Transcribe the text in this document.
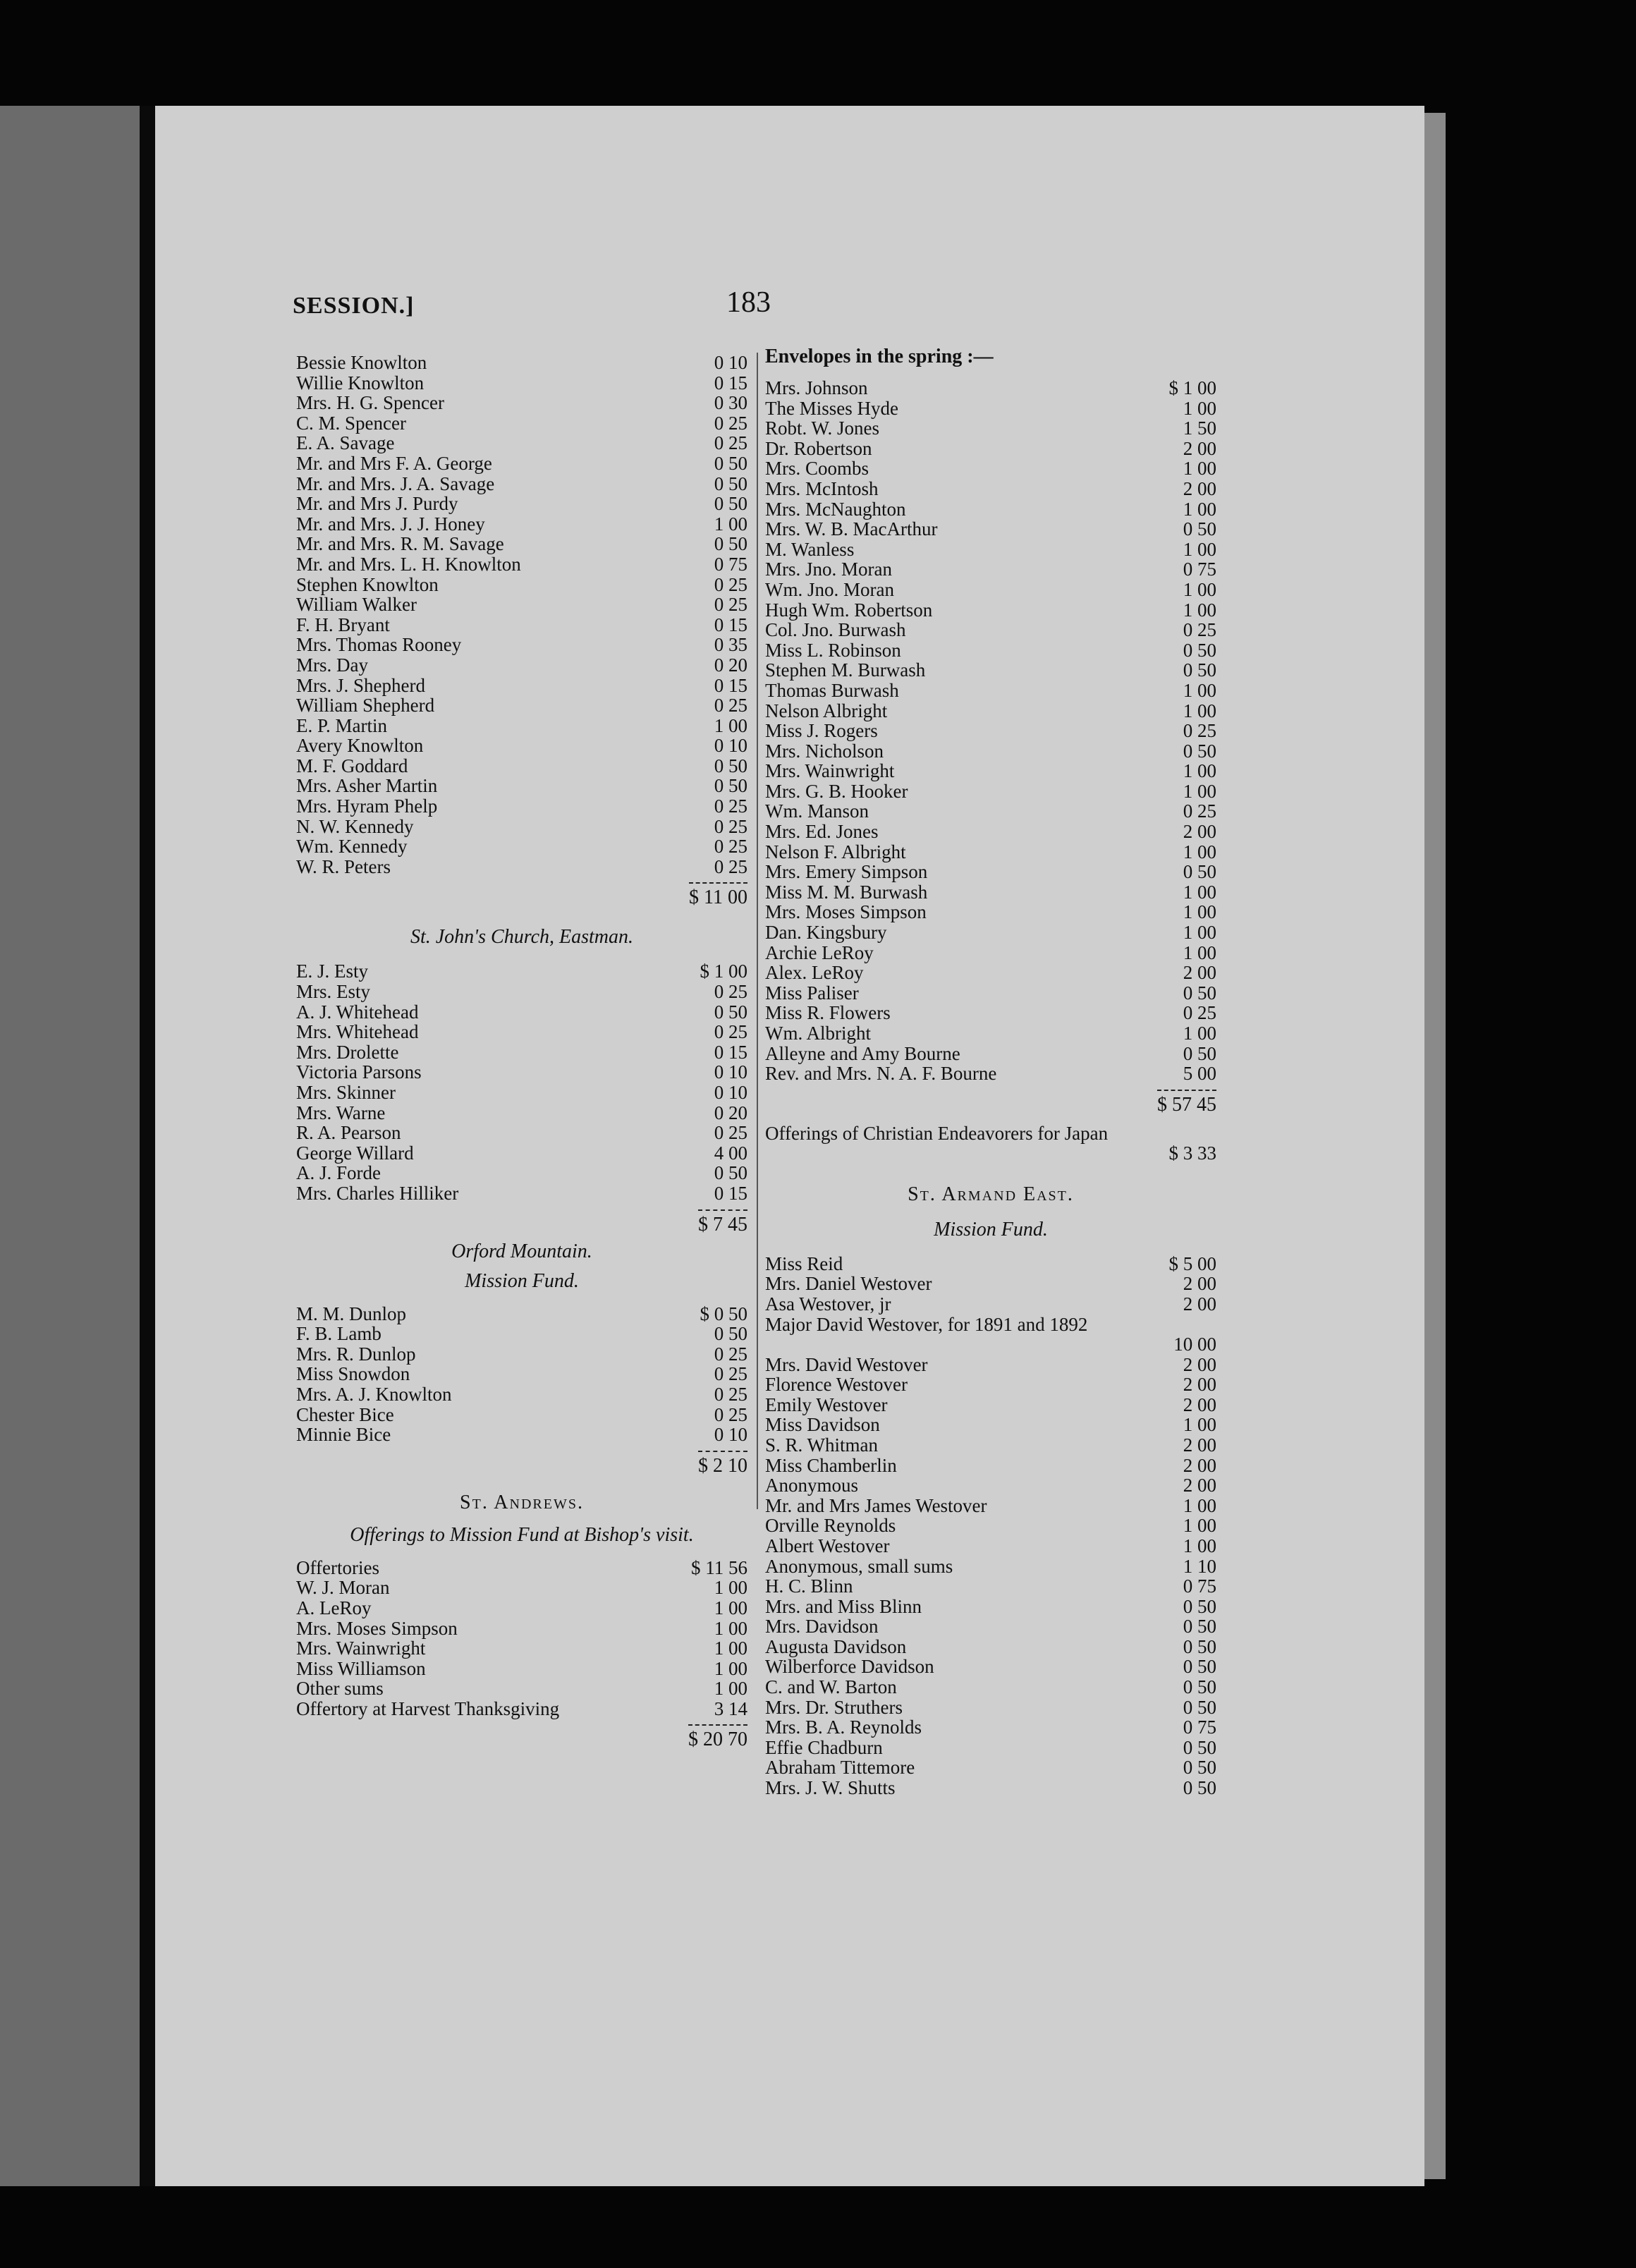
SESSION.]	183
Bessie Knowlton	0 10
Willie Knowlton	0 15
Mrs. H. G. Spencer	0 30
C. M. Spencer	0 25
E. A. Savage	0 25
Mr. and Mrs F. A. George	0 50
Mr. and Mrs. J. A. Savage	0 50
Mr. and Mrs J. Purdy	0 50
Mr. and Mrs. J. J. Honey	1 00
Mr. and Mrs. R. M. Savage	0 50
Mr. and Mrs. L. H. Knowlton	0 75
Stephen Knowlton	0 25
William Walker	0 25
F. H. Bryant	0 15
Mrs. Thomas Rooney	0 35
Mrs. Day	0 20
Mrs. J. Shepherd	0 15
William Shepherd	0 25
E. P. Martin	1 00
Avery Knowlton	0 10
M. F. Goddard	0 50
Mrs. Asher Martin	0 50
Mrs. Hyram Phelp	0 25
N. W. Kennedy	0 25
Wm. Kennedy	0 25
W. R. Peters	0 25
$ 11 00
St. John's Church, Eastman.
E. J. Esty	$ 1 00
Mrs. Esty	0 25
A. J. Whitehead	0 50
Mrs. Whitehead	0 25
Mrs. Drolette	0 15
Victoria Parsons	0 10
Mrs. Skinner	0 10
Mrs. Warne	0 20
R. A. Pearson	0 25
George Willard	4 00
A. J. Forde	0 50
Mrs. Charles Hilliker	0 15
$ 7 45
Orford Mountain.
Mission Fund.
M. M. Dunlop	$ 0 50
F. B. Lamb	0 50
Mrs. R. Dunlop	0 25
Miss Snowdon	0 25
Mrs. A. J. Knowlton	0 25
Chester Bice	0 25
Minnie Bice	0 10
$ 2 10
St. Andrews.
Offerings to Mission Fund at Bishop's visit.
Offertories	$ 11 56
W. J. Moran	1 00
A. LeRoy	1 00
Mrs. Moses Simpson	1 00
Mrs. Wainwright	1 00
Miss Williamson	1 00
Other sums	1 00
Offertory at Harvest Thanksgiving	3 14
$ 20 70
Envelopes in the spring :—
Mrs. Johnson	$ 1 00
The Misses Hyde	1 00
Robt. W. Jones	1 50
Dr. Robertson	2 00
Mrs. Coombs	1 00
Mrs. McIntosh	2 00
Mrs. McNaughton	1 00
Mrs. W. B. MacArthur	0 50
M. Wanless	1 00
Mrs. Jno. Moran	0 75
Wm. Jno. Moran	1 00
Hugh Wm. Robertson	1 00
Col. Jno. Burwash	0 25
Miss L. Robinson	0 50
Stephen M. Burwash	0 50
Thomas Burwash	1 00
Nelson Albright	1 00
Miss J. Rogers	0 25
Mrs. Nicholson	0 50
Mrs. Wainwright	1 00
Mrs. G. B. Hooker	1 00
Wm. Manson	0 25
Mrs. Ed. Jones	2 00
Nelson F. Albright	1 00
Mrs. Emery Simpson	0 50
Miss M. M. Burwash	1 00
Mrs. Moses Simpson	1 00
Dan. Kingsbury	1 00
Archie LeRoy	1 00
Alex. LeRoy	2 00
Miss Paliser	0 50
Miss R. Flowers	0 25
Wm. Albright	1 00
Alleyne and Amy Bourne	0 50
Rev. and Mrs. N. A. F. Bourne	5 00
$ 57 45
Offerings of Christian Endeavorers for Japan
$ 3 33
St. Armand East.
Mission Fund.
Miss Reid	$ 5 00
Mrs. Daniel Westover	2 00
Asa Westover, jr	2 00
Major David Westover, for 1891 and 1892
10 00
Mrs. David Westover	2 00
Florence Westover	2 00
Emily Westover	2 00
Miss Davidson	1 00
S. R. Whitman	2 00
Miss Chamberlin	2 00
Anonymous	2 00
Mr. and Mrs James Westover	1 00
Orville Reynolds	1 00
Albert Westover	1 00
Anonymous, small sums	1 10
H. C. Blinn	0 75
Mrs. and Miss Blinn	0 50
Mrs. Davidson	0 50
Augusta Davidson	0 50
Wilberforce Davidson	0 50
C. and W. Barton	0 50
Mrs. Dr. Struthers	0 50
Mrs. B. A. Reynolds	0 75
Effie Chadburn	0 50
Abraham Tittemore	0 50
Mrs. J. W. Shutts	0 50
